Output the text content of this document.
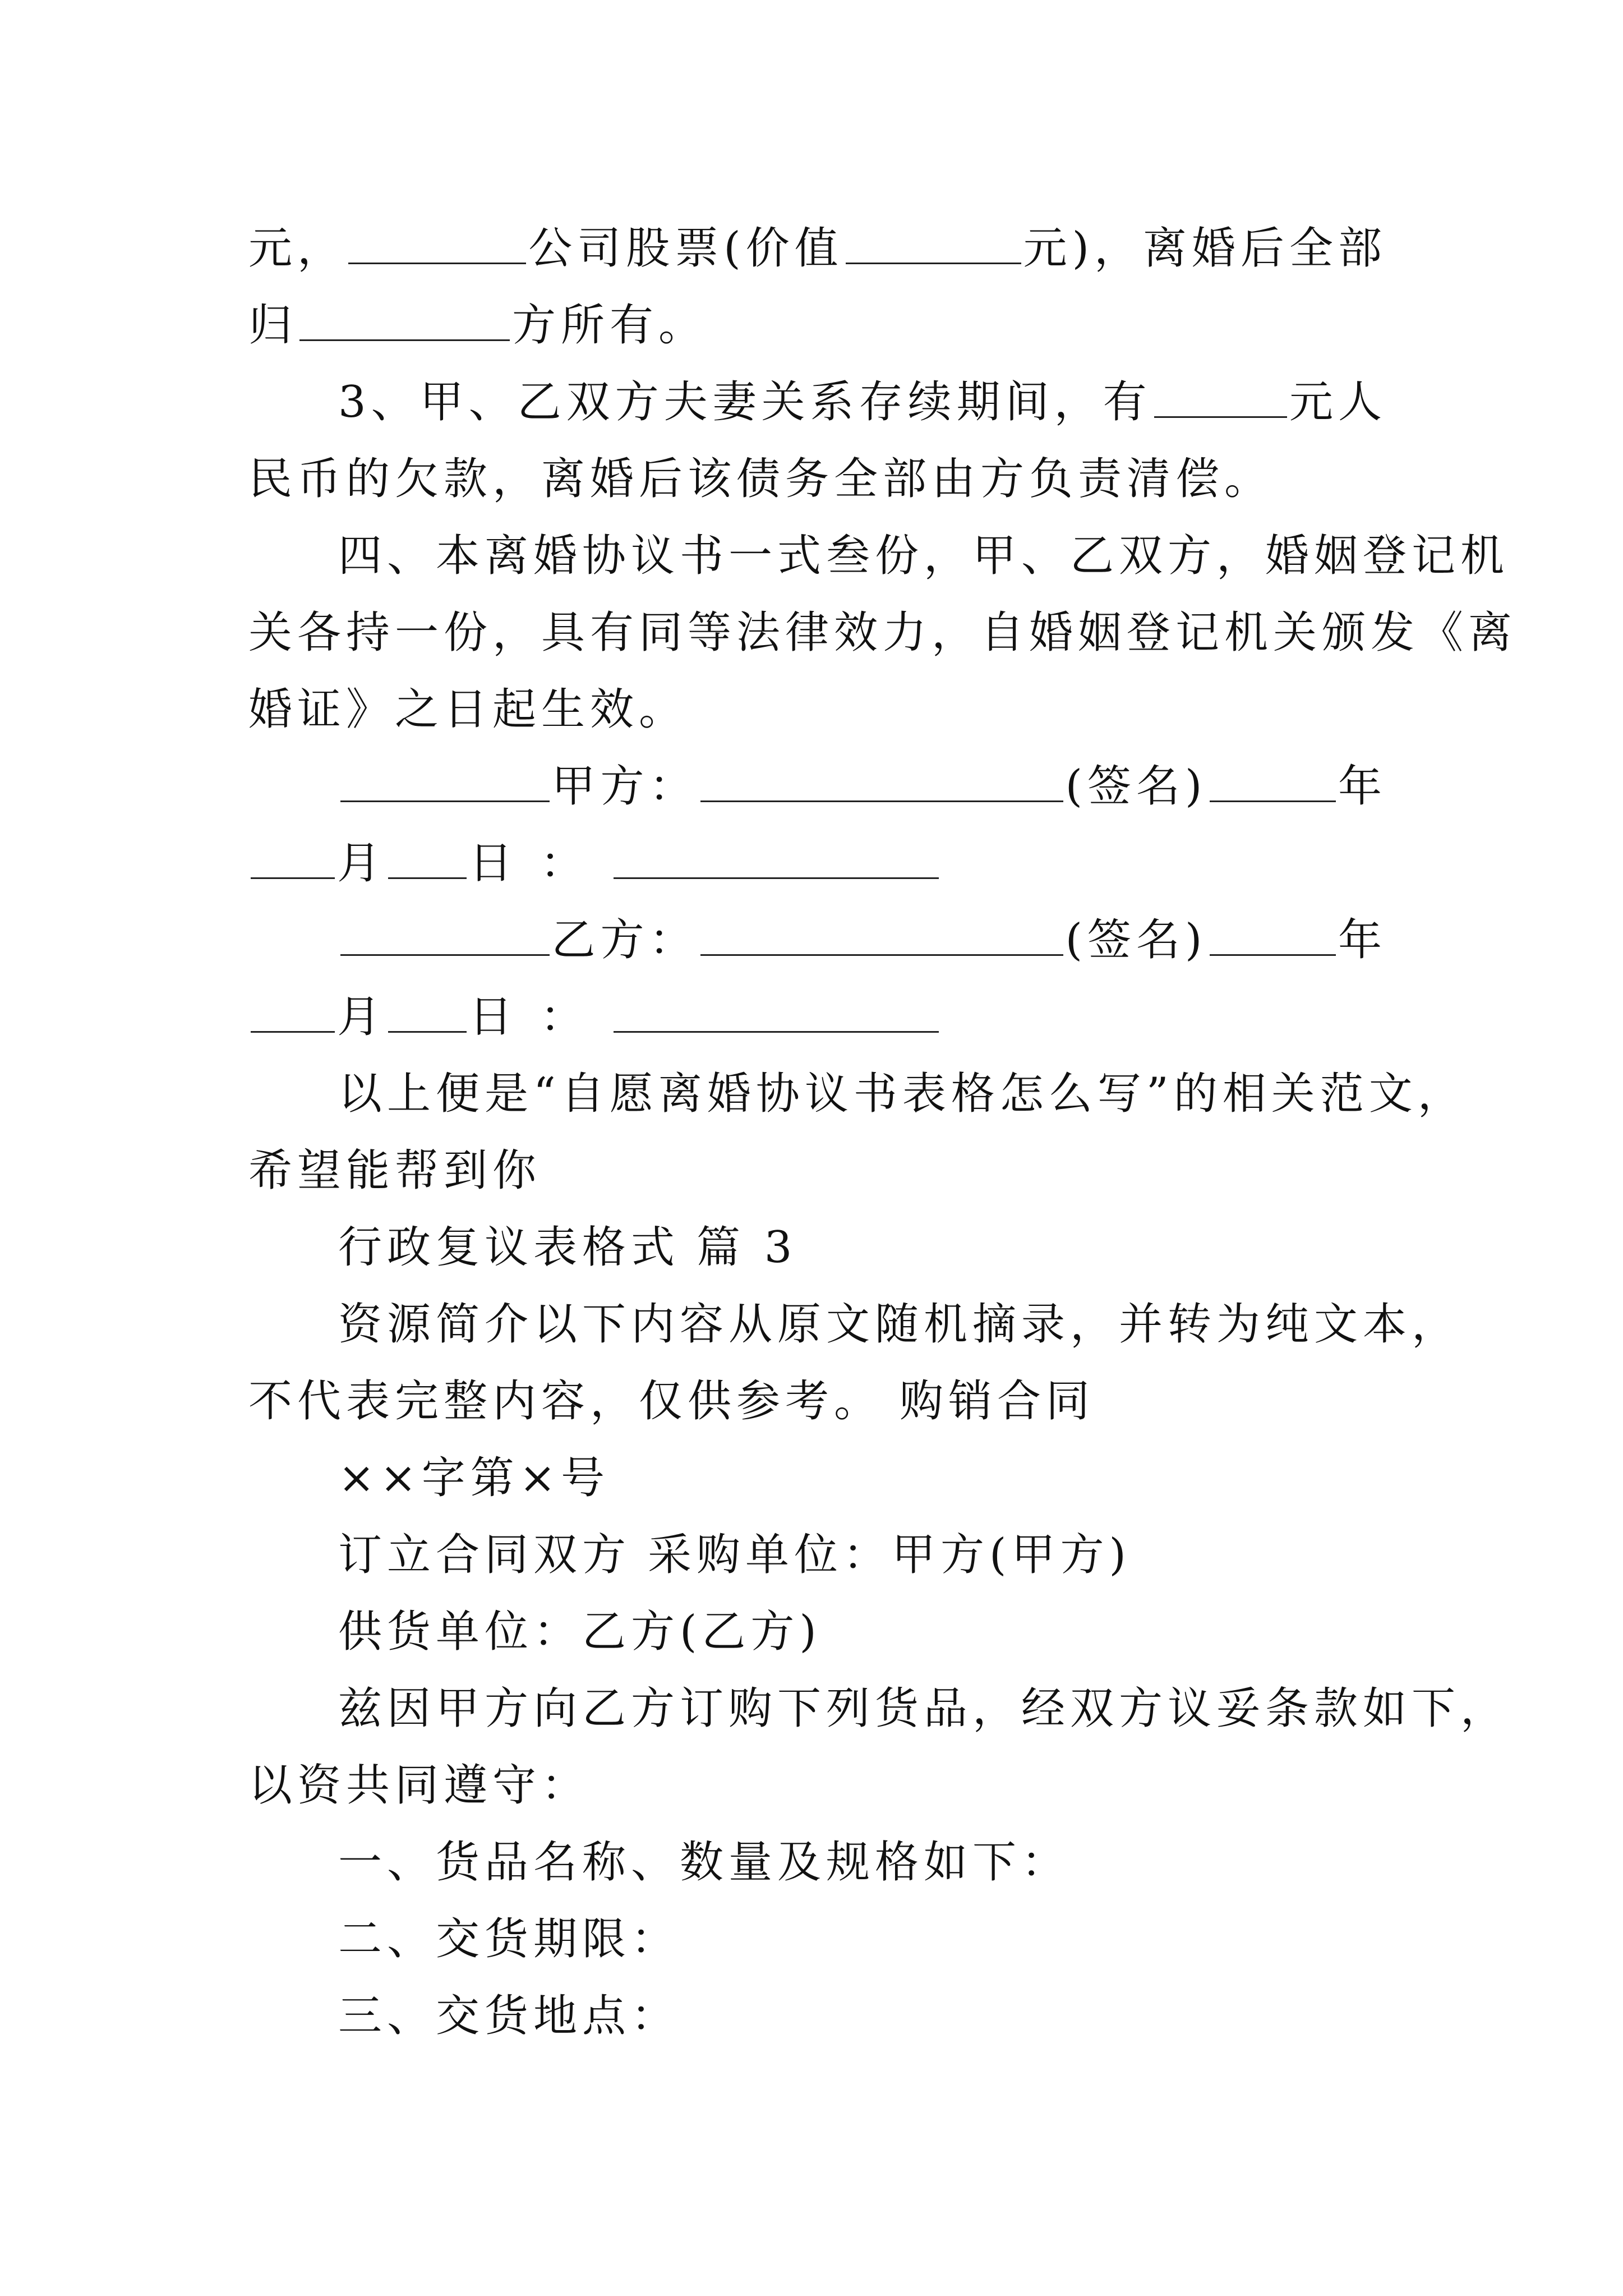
元，	公司股票(价值	元)，离婚后全部
归	方所有。
3、甲、乙双方夫妻关系存续期间，有	元人
民币的欠款，离婚后该债务全部由方负责清偿。
四、本离婚协议书一式叁份，甲、乙双方，婚姻登记机
关各持一份，具有同等法律效力，自婚姻登记机关颁发《离
婚证》之日起生效。
甲方：	(签名)	年
月 日 ：
乙方：	(签名)	年
月 日 ：
以上便是“自愿离婚协议书表格怎么写”的相关范文，
希望能帮到你
行政复议表格式 篇 3
资源简介 以下内容从原文随机摘录，并转为纯文本，
不代表完整内容，仅供参考。 购销合同
××字第×号
订立合同双方 采购单位：甲方(甲方)
供货单位：乙方(乙方)
兹因甲方向乙方订购下列货品，经双方议妥条款如下，
以资共同遵守：
一、货品名称、数量及规格如下：
二、交货期限：
三、交货地点：
